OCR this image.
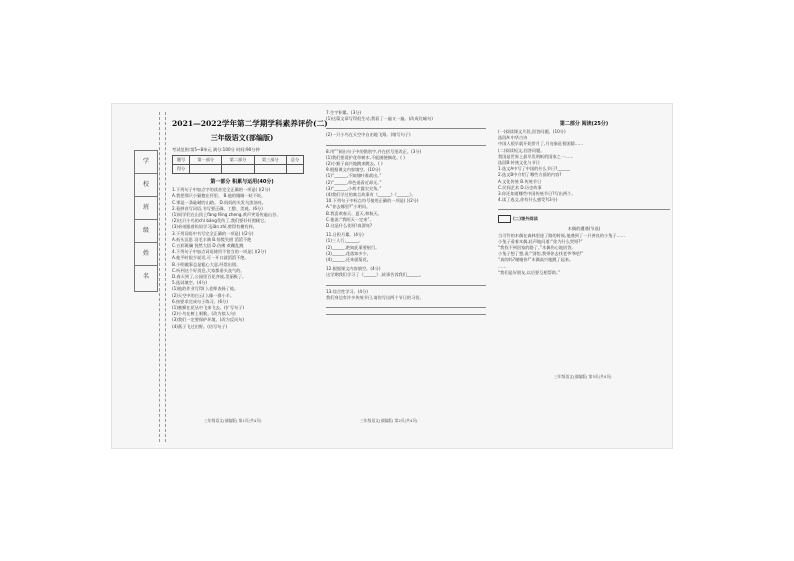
学
校
班
级
姓
名
2021—2022学年第二学期学科素养评价(二)
三年级语文(部编版)
考试范围:第5~8单元 满分:100分 时间:90分钟
题号	第一部分	第二部分	第三部分	总分
得分				
第一部分 积累与运用(40分)
1.下列句子中加点字的读音完全正确的一项是( )(2分)
A.我把那只小猫抱在怀里。 B.他的眼睛一眨不眨。
C.那是一条陡峭的山路。 D.妈妈的头发乌黑油亮。
2.看拼音写词语,书写要正确、工整、美观。(6分)
(1)同学们在山顶上fàng fēng zheng,欢声笑语传遍山谷。
(2)这只小鸟的chì bǎng受伤了,我们要好好照顾它。
(3)弟弟跟着妈妈学习jiǎn zhǐ,剪得有模有样。
3.下列词语中书写完全正确的一项是( )(2分)
A.低头沉思 羽毛丰满 B.惊慌失措 滔滔不绝
C.五彩斑斓 恍然大悟 D.仿佛 欢蹦乱跳
4.下列句子中加点词语使用不恰当的一项是( )(2分)
A.他平时很少说话,可一开口就滔滔不绝。
B.小明做事总是粗心大意,经常出错。
C.听到这个好消息,大家都垂头丧气的。
D.春天到了,公园里百花齐放,美丽极了。
5.选词填空。(4分)
(1)他的作业写得( ),老师表扬了他。
(2)天空中的白云( ),像一群小羊。
6.按要求完成句子练习。(6分)
(1)蜜蜂在花丛中飞来飞去。(扩写句子)
(2)小鸟在树上唱歌。(改为拟人句)
(3)我们一定要保护环境。(改为反问句)
(4)燕子飞过田野。(仿写句子)
三年级语文(部编版) 第1页(共4页)
7.生字积累。(3分)
(1)这篇文章写得很生动,我看了一遍又一遍。(改成比喻句)
(2)一只小鸟在天空中自由地飞翔。(缩写句子)
8.用“”画出句子中的错别字,并在括号里改正。(3分)
(1)我们要爱护花草树木,不能随便摘花。( )
(2)小猴子高兴地跳来跳去。( )
9.根据课文内容填空。(10分)
(1)“______,不知细叶谁裁出。”
(2)“______,草色遥看近却无。”
(3)“______,小荷才露尖尖角。”
(4)我们学过的寓言故事有《______》《______》。
10.下列句子中标点符号使用正确的一项是( )(2分)
A.“你去哪里?”小明问。
B.我喜欢春天、夏天,和秋天。
C.他说:“我明天一定来”。
D.这是什么花呀!真漂亮?
11.日积月累。(4分)
(1)三人行,______。
(2)______,绝知此事要躬行。
(3)______,花落知多少。
(4)______,还来就菊花。
12.根据课文内容填空。(4分)
这学期我们学习了《______》,故事告诉我们______。
13.综合性学习。(4分)
我们身边有许多传统节日,请你写出两个节日的习俗。
三年级语文(部编版) 第2页(共4页)
第二部分 阅读(25分)
(一)阅读课文片段,回答问题。(10分)
选段A:中华古诗
中国人很早就开始赏月了,月亮象征着团圆……
(二)阅读短文,回答问题。
我国是世界上最早发明纸的国家之一……
选段B:传统文化与节日
1.选文A中写了中国的什么节日?______
2.选文B中介绍了哪些方面的内容?
A.文化传统 B.传统节日
C.民间艺术 D.历史故事
3.你还知道哪些中国传统节日?写出两个。
4.读了选文,你有什么感受?(3分)
(二)课外阅读
木偶的遭遇(节选)
当可怜的木偶在森林里迷了路的时候,他遇到了一只善良的小兔子……
小兔子看着木偶,轻声地问道:“你为什么哭呀?”
“我找不到回家的路了。”木偶伤心地回答。
小兔子想了想,说:“别怕,我带你去找老爷爷吧!”
“真的吗?谢谢你!”木偶高兴地跳了起来。
……
“我们是好朋友,以后要互相帮助。”
三年级语文(部编版) 第3页(共4页)
